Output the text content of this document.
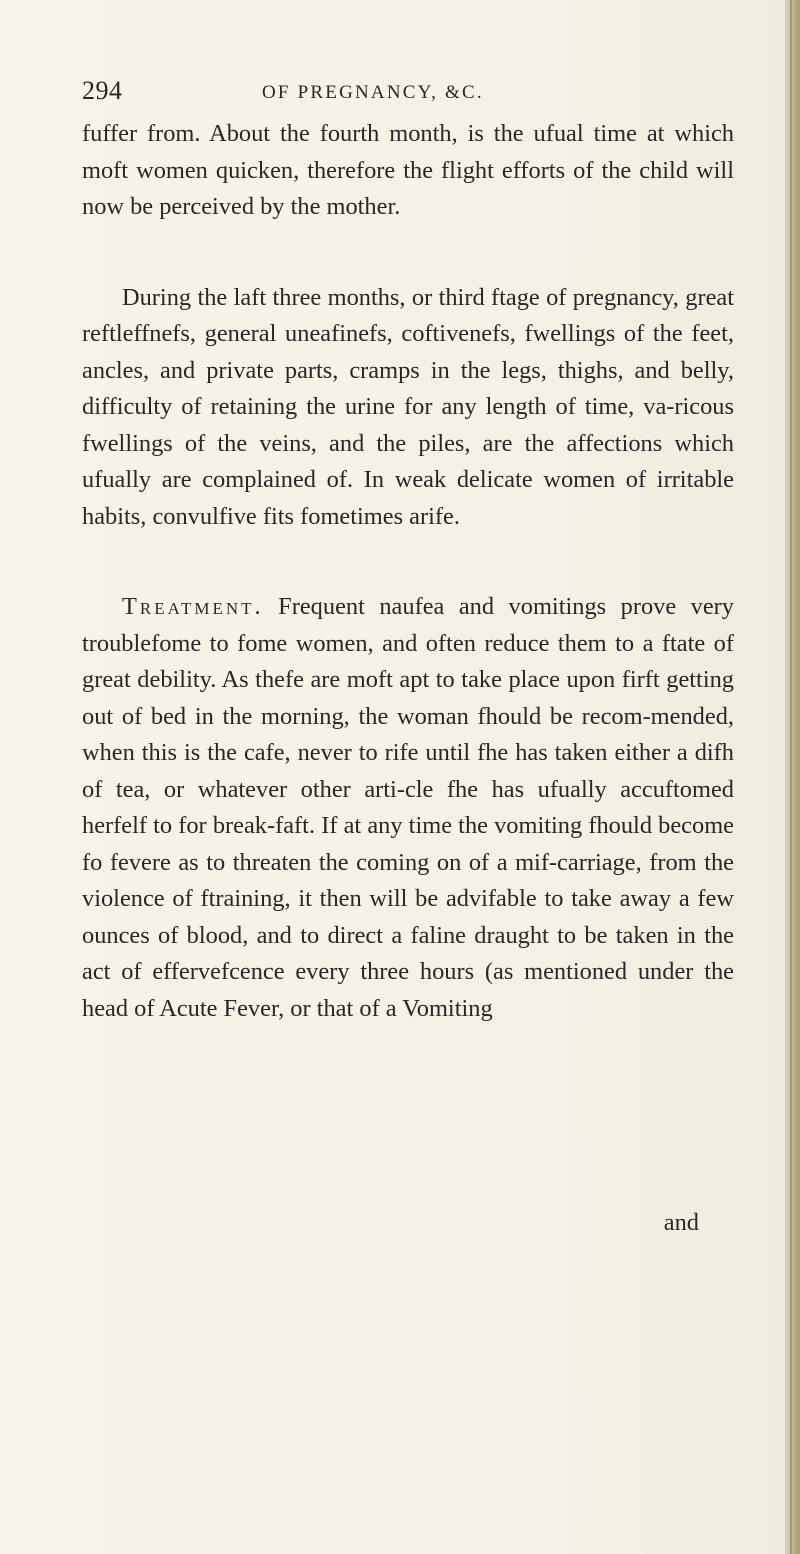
294	OF PREGNANCY, &C.

fuffer from. About the fourth month, is the ufual time at which moft women quicken, therefore the flight efforts of the child will now be perceived by the mother.

During the laft three months, or third ftage of pregnancy, great reftleffnefs, general uneafinefs, coftivenefs, fwellings of the feet, ancles, and private parts, cramps in the legs, thighs, and belly, difficulty of retaining the urine for any length of time, va-ricous fwellings of the veins, and the piles, are the affections which ufually are complained of. In weak delicate women of irritable habits, convulfive fits fometimes arife.

Treatment. Frequent naufea and vomitings prove very troublefome to fome women, and often reduce them to a ftate of great debility. As thefe are moft apt to take place upon firft getting out of bed in the morning, the woman fhould be recom-mended, when this is the cafe, never to rife until fhe has taken either a difh of tea, or whatever other arti-cle fhe has ufually accuftomed herfelf to for break-faft. If at any time the vomiting fhould become fo fevere as to threaten the coming on of a mif-carriage, from the violence of ftraining, it then will be advifable to take away a few ounces of blood, and to direct a faline draught to be taken in the act of effervefcence every three hours (as mentioned under the head of Acute Fever, or that of a Vomiting

and
